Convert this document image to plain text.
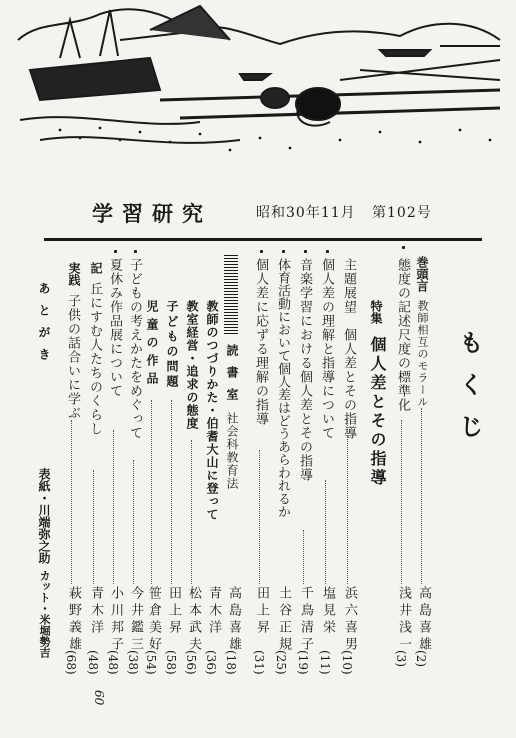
学習研究	昭和30年11月 第102号
もくじ
巻頭言
教師相互のモラール
高島喜雄
(2)
態度の記述尺度の標準化
浅井浅一
(3)
特集
個人差とその指導
主題展望　個人差とその指導
浜六喜男
(10)
個人差の理解と指導について
塩見栄
(11)
音楽学習における個人差とその指導
千鳥清子
(19)
体育活動において個人差はどうあらわれるか
土谷正規
(25)
個人差に応ずる理解の指導
田上昇
(31)
読書室
社会科教育法
高島喜雄
(18)
教師のつづりかた・伯耆大山に登って
青木洋
(36)
教室経営・追求の態度
松本武夫
(56)
子どもの問題
田上昇
(58)
児童の作品
笹倉美好
(54)
子どもの考えかたをめぐって
今井鑑三
(38)
夏休み作品展について
小川邦子
(48)
記
丘にすむ人たちのくらし
青木洋
(48)
60
実践
子供の話合いに学ぶ
萩野義雄
(68)
あとがき
表紙・川端弥之助
カット・米堀勢吉
